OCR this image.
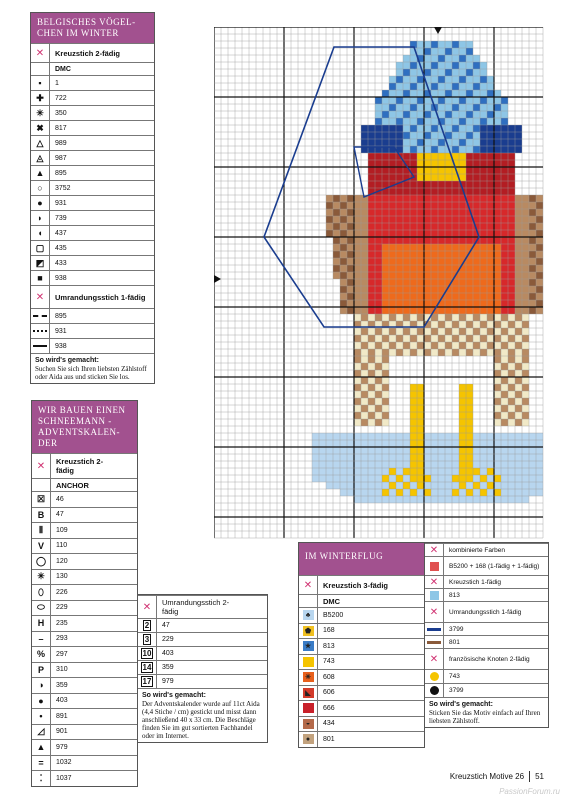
BELGISCHES VÖGEL-CHEN IM WINTER
✕	Kreuzstich 2-fädig
DMC
▪	1
✚	722
✳	350
✖	817
△	989
◬	987
▲	895
○	3752
●	931
◗	739
◖	437
▢	435
◩	433
■	938
✕	Umrandungsstich 1-fädig
895
931
938
So wird's gemacht:
Suchen Sie sich Ihren liebsten Zählstoff oder Aida aus und sticken Sie los.
WIR BAUEN EINEN SCHNEEMANN - ADVENTSKALEN-DER
✕	Kreuzstich 2-fädig
ANCHOR
☒	46
B	47
⦀	109
V	110
◯	120
✳	130
⬯	226
⬭	229
H	235
–	293
%	297
P	310
◑	359
●	403
•	891
◿	901
▲	979
=	1032
⁚	1037
✕	Umrandungsstich 2-fädig
2	47
3	229
10	403
14	359
17	979
So wird's gemacht:
Der Adventskalender wurde auf 11ct Aida (4,4 Stiche / cm) gestickt und misst dann anschließend 40 x 33 cm. Die Beschläge finden Sie im gut sortierten Fachhandel oder im Internet.
IM WINTERFLUG
✕	Kreuzstich 3-fädig
DMC
♣	B5200
⬟	168
★	813
743
✳	608
◣	606
666
◒	434
●	801
✕	kombinierte Farben
B5200 + 168 (1-fädig + 1-fädig)
✕	Kreuzstich 1-fädig
813
✕	Umrandungsstich 1-fädig
3799
801
✕	französische Knoten 2-fädig
743
3799
So wird's gemacht:
Sticken Sie das Motiv einfach auf Ihren liebsten Zählstoff.
Kreuzstich Motive 26 51
PassionForum.ru
